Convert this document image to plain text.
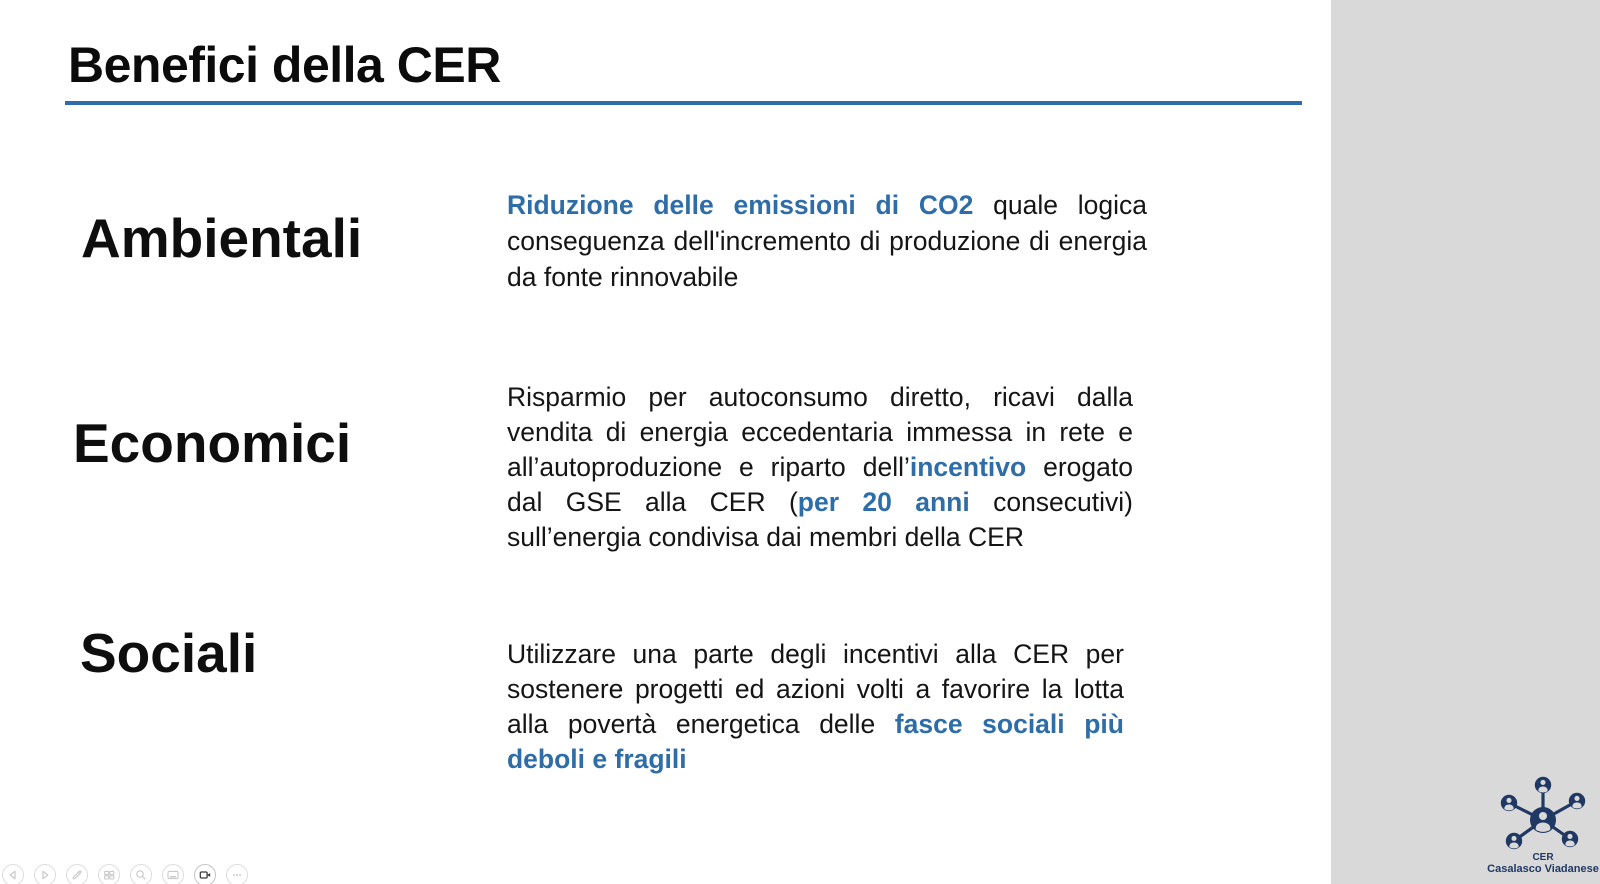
Benefici della CER
Ambientali

Riduzione delle emissioni di CO2 quale logica conseguenza dell'incremento di produzione di energia da fonte rinnovabile

Economici

Risparmio per autoconsumo diretto, ricavi dalla vendita di energia eccedentaria immessa in rete e all’autoproduzione e riparto dell’incentivo erogato dal GSE alla CER (per 20 anni consecutivi) sull’energia condivisa dai membri della CER

Sociali	Utilizzare una parte degli incentivi alla CER per sostenere progetti ed azioni volti a favorire la lotta alla povertà energetica delle fasce sociali più deboli e fragili

CER
Casalasco Viadanese
